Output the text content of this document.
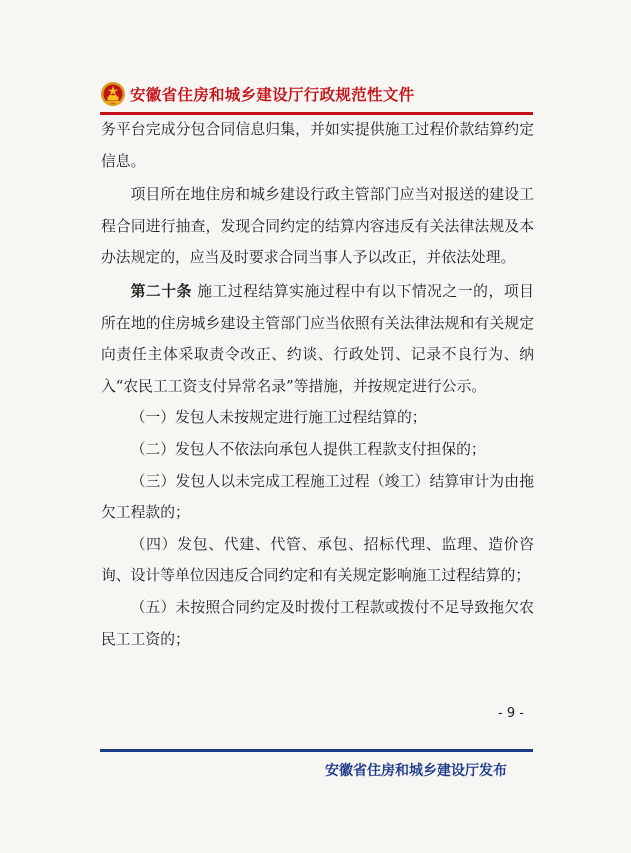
安徽省住房和城乡建设厅行政规范性文件

务平台完成分包合同信息归集，并如实提供施工过程价款结算约定信息。

项目所在地住房和城乡建设行政主管部门应当对报送的建设工程合同进行抽查，发现合同约定的结算内容违反有关法律法规及本办法规定的，应当及时要求合同当事人予以改正，并依法处理。

第二十条 施工过程结算实施过程中有以下情况之一的，项目所在地的住房城乡建设主管部门应当依照有关法律法规和有关规定向责任主体采取责令改正、约谈、行政处罚、记录不良行为、纳入“农民工工资支付异常名录”等措施，并按规定进行公示。

（一）发包人未按规定进行施工过程结算的；

（二）发包人不依法向承包人提供工程款支付担保的；

（三）发包人以未完成工程施工过程（竣工）结算审计为由拖欠工程款的；

（四）发包、代建、代管、承包、招标代理、监理、造价咨询、设计等单位因违反合同约定和有关规定影响施工过程结算的；

（五）未按照合同约定及时拨付工程款或拨付不足导致拖欠农民工工资的；

- 9 -
安徽省住房和城乡建设厅发布
